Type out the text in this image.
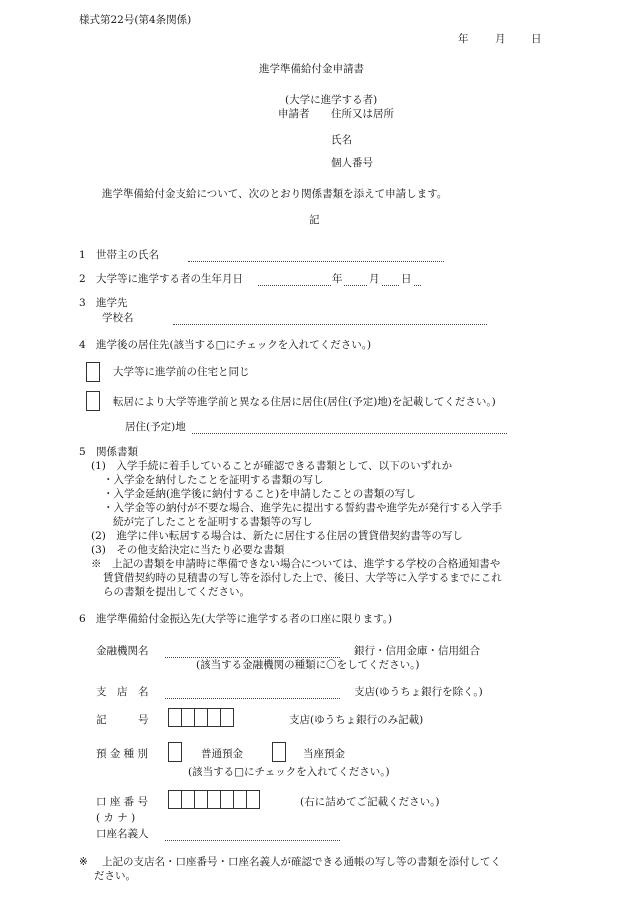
様式第22号(第4条関係)
年	月 日
進学準備給付金申請書
(大学に進学する者)
申請者 住所又は居所
氏名
個人番号
進学準備給付金支給について、次のとおり関係書類を添えて申請します。
記
1 世帯主の氏名
2 大学等に進学する者の生年月日	年	月 日
3 進学先
学校名
4 進学後の居住先(該当する□にチェックを入れてください。)
大学等に進学前の住宅と同じ
転居により大学等進学前と異なる住居に居住(居住(予定)地)を記載してください。)
居住(予定)地
5 関係書類
(1)　入学手続に着手していることが確認できる書類として、以下のいずれか
・入学金を納付したことを証明する書類の写し
・入学金延納(進学後に納付すること)を申請したことの書類の写し
・入学金等の納付が不要な場合、進学先に提出する誓約書や進学先が発行する入学手
続が完了したことを証明する書類等の写し
(2)　進学に伴い転居する場合は、新たに居住する住居の賃貸借契約書等の写し
(3)　その他支給決定に当たり必要な書類
※　上記の書類を申請時に準備できない場合については、進学する学校の合格通知書や
賃貸借契約時の見積書の写し等を添付した上で、後日、大学等に入学するまでにこれ
らの書類を提出してください。
6 進学準備給付金振込先(大学等に進学する者の口座に限ります。)
金融機関名	銀行・信用金庫・信用組合
(該当する金融機関の種類に〇をしてください。)
支　店　名	支店(ゆうちょ銀行を除く。)
記　　　号	支店(ゆうちょ銀行のみ記載)
預 金 種 別	普通預金	当座預金
(該当する□にチェックを入れてください。)
口 座 番 号	(右に詰めてご記載ください。)
( カ ナ )
口座名義人
※ 上記の支店名・口座番号・口座名義人が確認できる通帳の写し等の書類を添付してく
ださい。
